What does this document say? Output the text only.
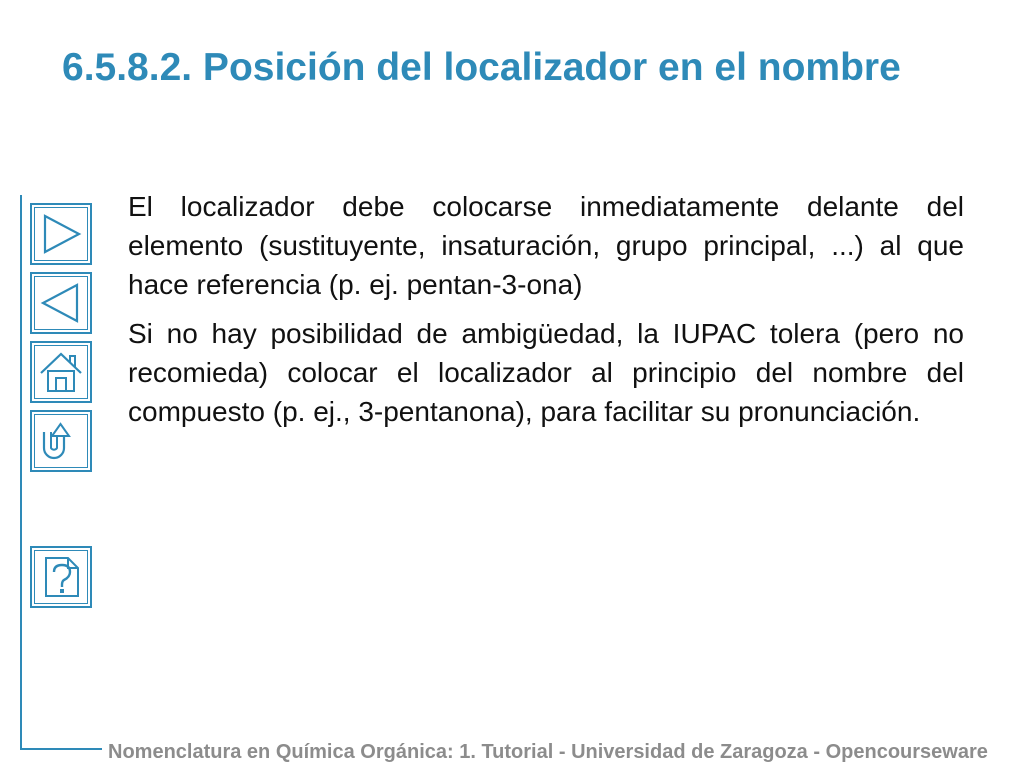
6.5.8.2. Posición del localizador en el nombre

El localizador debe colocarse inmediatamente delante del elemento (sustituyente, insaturación, grupo principal, ...) al que hace referencia (p. ej. pentan-3-ona)

Si no hay posibilidad de ambigüedad, la IUPAC tolera (pero no recomieda) colocar el localizador al principio del nombre del compuesto (p. ej., 3-pentanona), para facilitar su pronunciación.

Nomenclatura en Química Orgánica: 1. Tutorial - Universidad de Zaragoza - Opencourseware
